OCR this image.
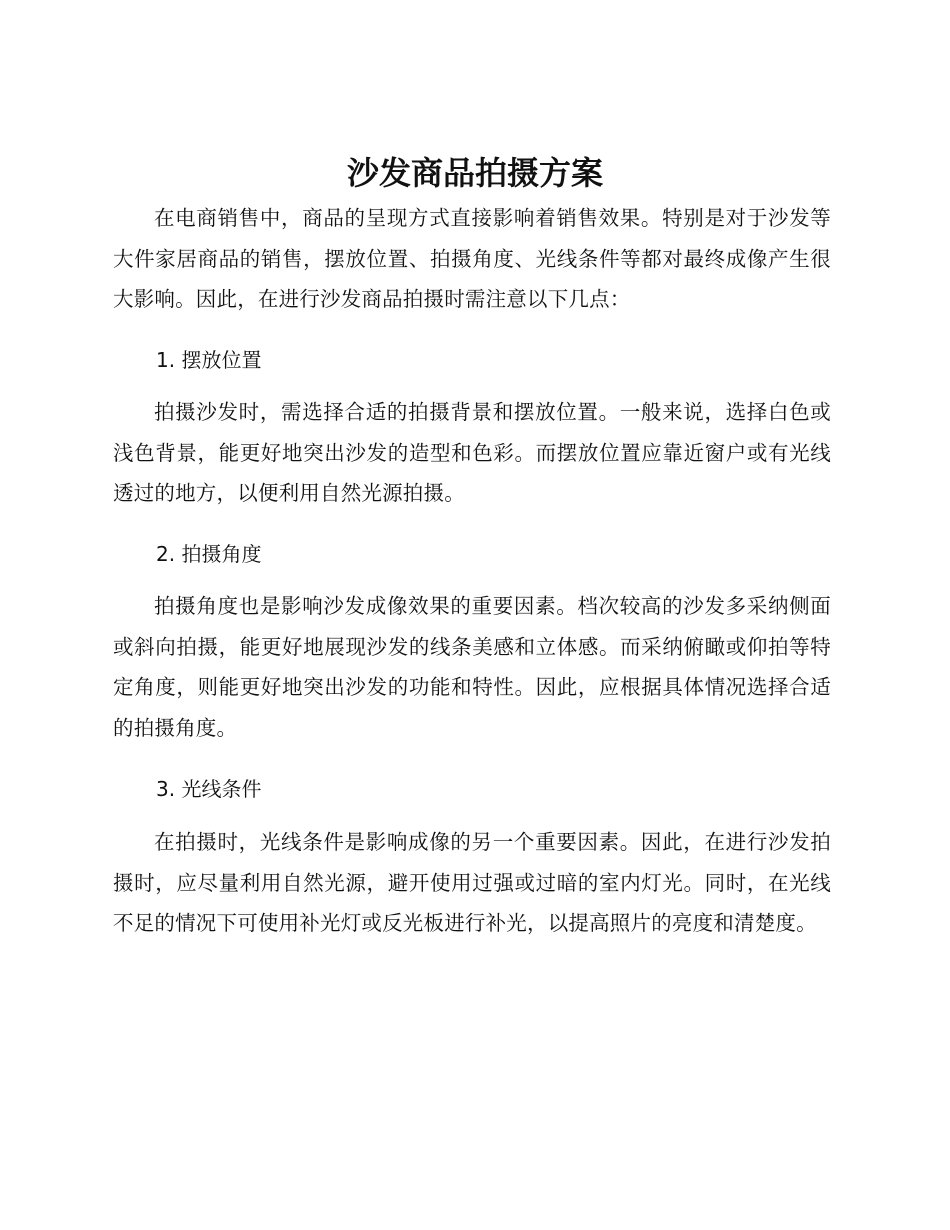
沙发商品拍摄方案

在电商销售中，商品的呈现方式直接影响着销售效果。特别是对于沙发等大件家居商品的销售，摆放位置、拍摄角度、光线条件等都对最终成像产生很大影响。因此，在进行沙发商品拍摄时需注意以下几点：

1. 摆放位置

拍摄沙发时，需选择合适的拍摄背景和摆放位置。一般来说，选择白色或浅色背景，能更好地突出沙发的造型和色彩。而摆放位置应靠近窗户或有光线透过的地方，以便利用自然光源拍摄。

2. 拍摄角度

拍摄角度也是影响沙发成像效果的重要因素。档次较高的沙发多采纳侧面或斜向拍摄，能更好地展现沙发的线条美感和立体感。而采纳俯瞰或仰拍等特定角度，则能更好地突出沙发的功能和特性。因此，应根据具体情况选择合适的拍摄角度。

3. 光线条件

在拍摄时，光线条件是影响成像的另一个重要因素。因此，在进行沙发拍摄时，应尽量利用自然光源，避开使用过强或过暗的室内灯光。同时，在光线不足的情况下可使用补光灯或反光板进行补光，以提高照片的亮度和清楚度。
